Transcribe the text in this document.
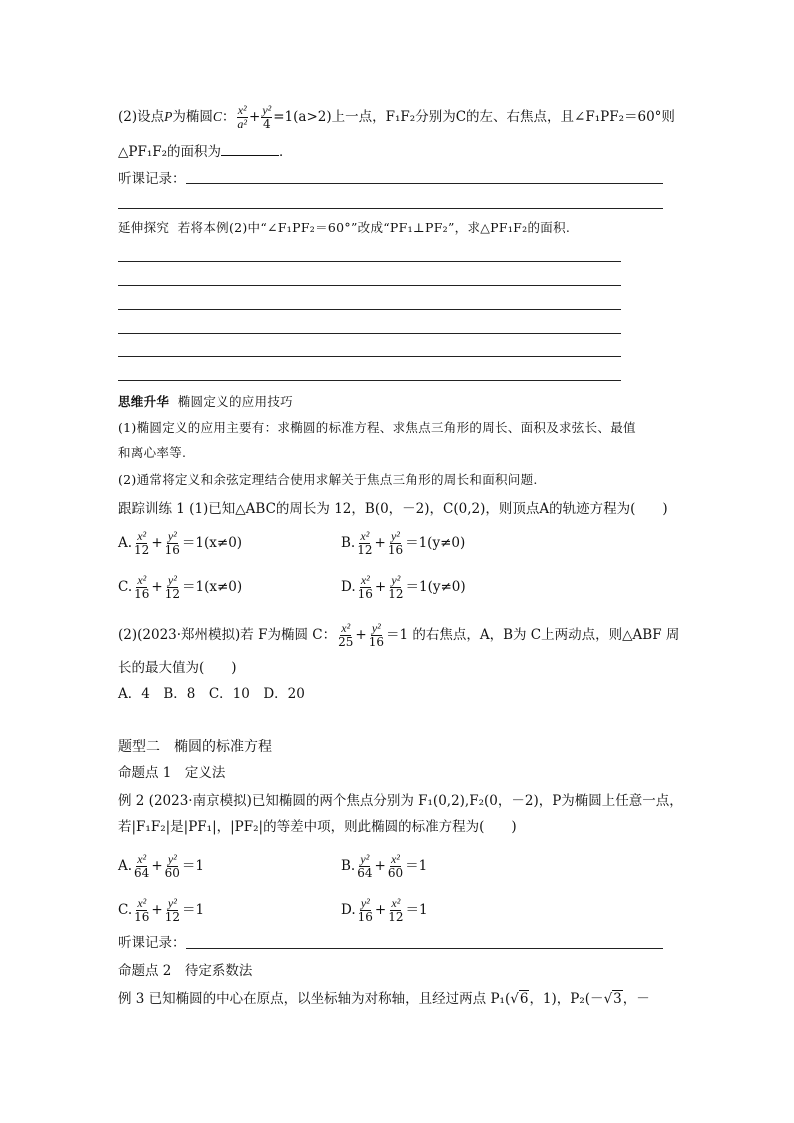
(2)设点P为椭圆C： $\frac{\text{x²}}{\text{a²}} + \frac{\text{y²}}{4} =1(a>2)$上一点，F₁F₂分别为C的左、右焦点，且∠F₁PF₂＝60°则
△PF₁F₂的面积为	．
听课记录：
延伸探究 若将本例(2)中“∠F₁PF₂＝60°”改成“PF₁⊥PF₂”，求△PF₁F₂的面积.
思维升华 椭圆定义的应用技巧
(1)椭圆定义的应用主要有：求椭圆的标准方程、求焦点三角形的周长、面积及求弦长、最值
和离心率等.
(2)通常将定义和余弦定理结合使用求解关于焦点三角形的周长和面积问题.
跟踪训练 1 (1)已知△ABC的周长为 12，B(0，－2)，C(0,2)，则顶点A的轨迹方程为(　　)
A. $\frac{\text{x²}}{12} + \frac{\text{y²}}{16} =1(x\ne 0)$	B. $\frac{\text{x²}}{12} + \frac{\text{y²}}{16} =1(y\ne 0)$
C. $\frac{\text{x²}}{16} + \frac{\text{y²}}{12} =1(x\ne 0)$	D. $\frac{\text{x²}}{16} + \frac{\text{y²}}{12} =1(y\ne 0)$
(2)(2023·郑州模拟)若 F为椭圆 C： $\frac{\text{x²}}{25} + \frac{\text{y²}}{16} =1$ 的右焦点，A，B为 C上两动点，则△ABF 周
长的最大值为(　　)
A．4　B．8　C．10　D．20
题型二　椭圆的标准方程
命题点 1　定义法
例 2 (2023·南京模拟)已知椭圆的两个焦点分别为 F₁(0,2),F₂(0，－2)，P为椭圆上任意一点，
若|F₁F₂|是|PF₁|，|PF₂|的等差中项，则此椭圆的标准方程为(　　)
A. $\frac{\text{x²}}{64} + \frac{\text{y²}}{60} =1$	B. $\frac{\text{y²}}{64} + \frac{\text{x²}}{60} =1$
C. $\frac{\text{x²}}{16} + \frac{\text{y²}}{12} =1$	D. $\frac{\text{y²}}{16} + \frac{\text{x²}}{12} =1$
听课记录：
命题点 2　待定系数法
例 3 已知椭圆的中心在原点，以坐标轴为对称轴，且经过两点 P₁(√6，1)，P₂(－√3，－
